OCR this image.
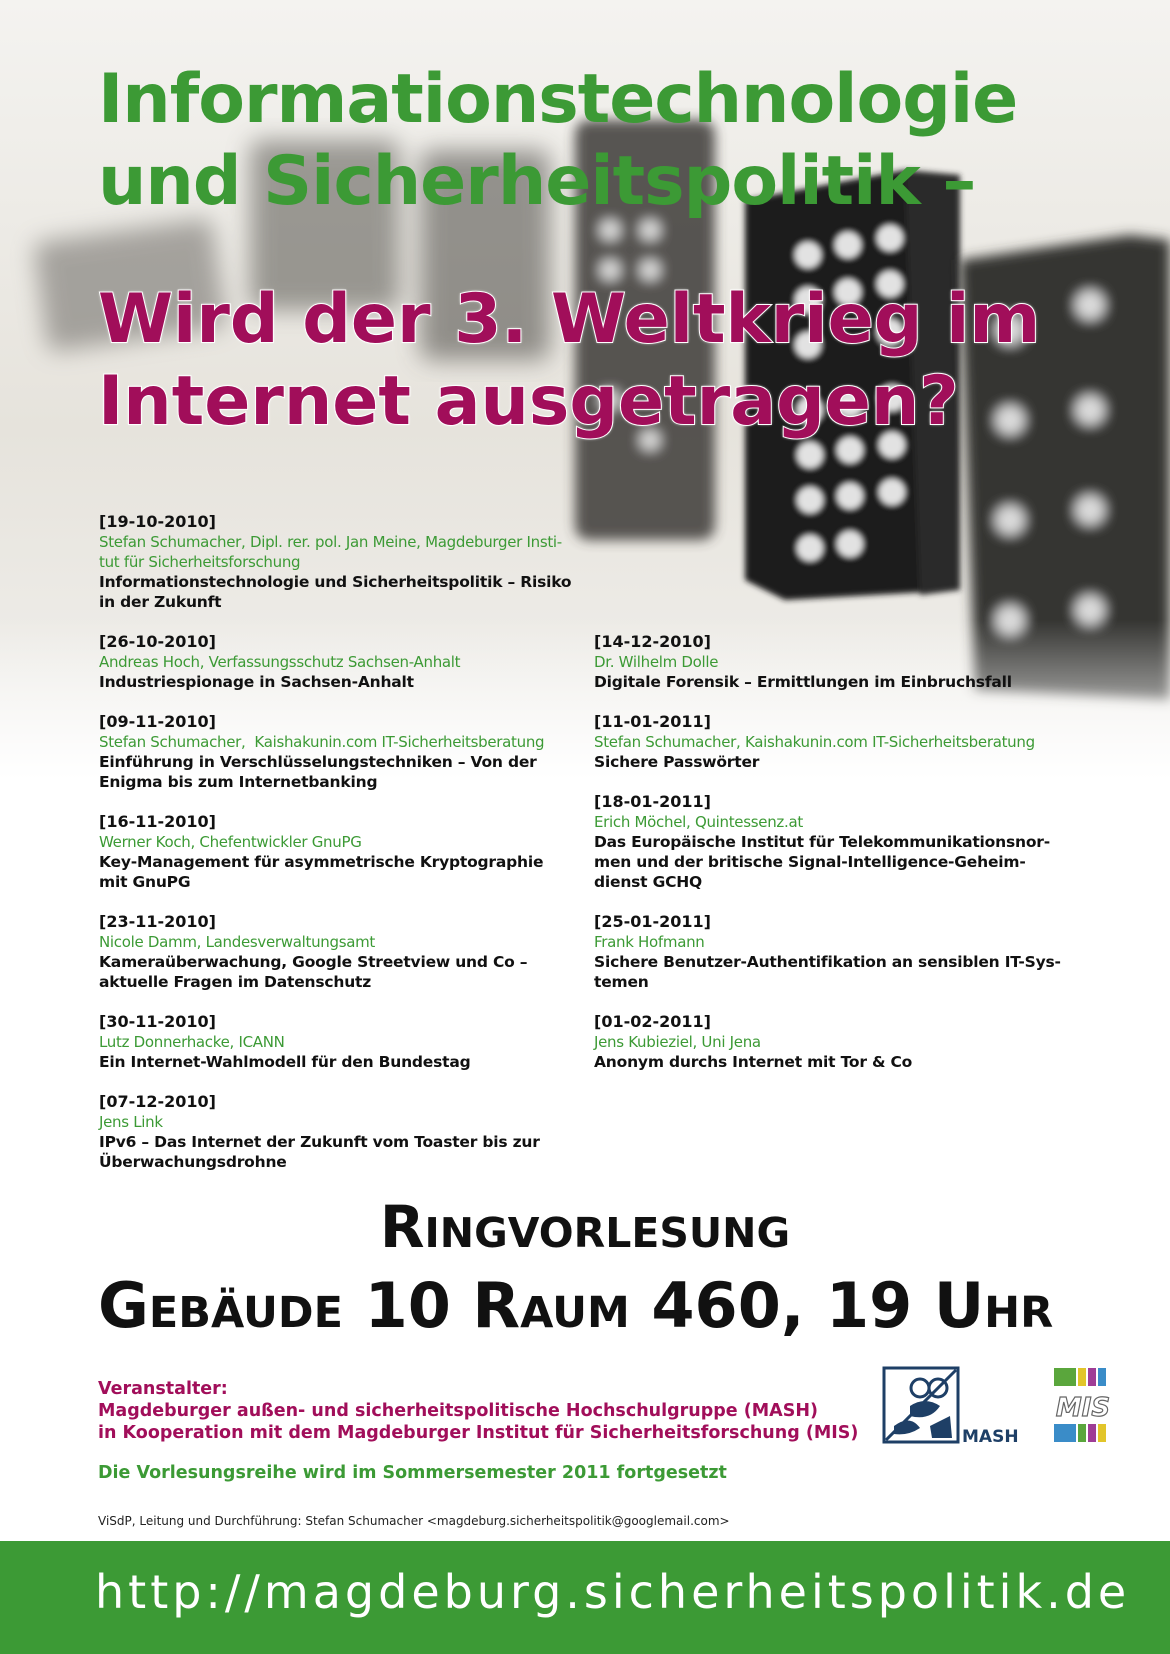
Informationstechnologie
und Sicherheitspolitik –
Wird der 3. Weltkrieg im
Internet ausgetragen?
[19-10-2010]
Stefan Schumacher, Dipl. rer. pol. Jan Meine, Magdeburger Insti-
tut für Sicherheitsforschung
Informationstechnologie und Sicherheitspolitik – Risiko
in der Zukunft
[26-10-2010]
Andreas Hoch, Verfassungsschutz Sachsen-Anhalt
Industriespionage in Sachsen-Anhalt
[09-11-2010]
Stefan Schumacher,  Kaishakunin.com IT-Sicherheitsberatung
Einführung in Verschlüsselungstechniken – Von der
Enigma bis zum Internetbanking
[16-11-2010]
Werner Koch, Chefentwickler GnuPG
Key-Management für asymmetrische Kryptographie
mit GnuPG
[23-11-2010]
Nicole Damm, Landesverwaltungsamt
Kameraüberwachung, Google Streetview und Co –
aktuelle Fragen im Datenschutz
[30-11-2010]
Lutz Donnerhacke, ICANN
Ein Internet-Wahlmodell für den Bundestag
[07-12-2010]
Jens Link
IPv6 – Das Internet der Zukunft vom Toaster bis zur
Überwachungsdrohne
[14-12-2010]
Dr. Wilhelm Dolle
Digitale Forensik – Ermittlungen im Einbruchsfall
[11-01-2011]
Stefan Schumacher, Kaishakunin.com IT-Sicherheitsberatung
Sichere Passwörter
[18-01-2011]
Erich Möchel, Quintessenz.at
Das Europäische Institut für Telekommunikationsnor-
men und der britische Signal-Intelligence-Geheim-
dienst GCHQ
[25-01-2011]
Frank Hofmann
Sichere Benutzer-Authentifikation an sensiblen IT-Sys-
temen
[01-02-2011]
Jens Kubieziel, Uni Jena
Anonym durchs Internet mit Tor & Co
Ringvorlesung
Gebäude 10 Raum 460, 19 Uhr
Veranstalter:
Magdeburger außen- und sicherheitspolitische Hochschulgruppe (MASH)
in Kooperation mit dem Magdeburger Institut für Sicherheitsforschung (MIS)	MASH
MIS
Die Vorlesungsreihe wird im Sommersemester 2011 fortgesetzt
ViSdP, Leitung und Durchführung: Stefan Schumacher <magdeburg.sicherheitspolitik@googlemail.com>
http://magdeburg.sicherheitspolitik.de
